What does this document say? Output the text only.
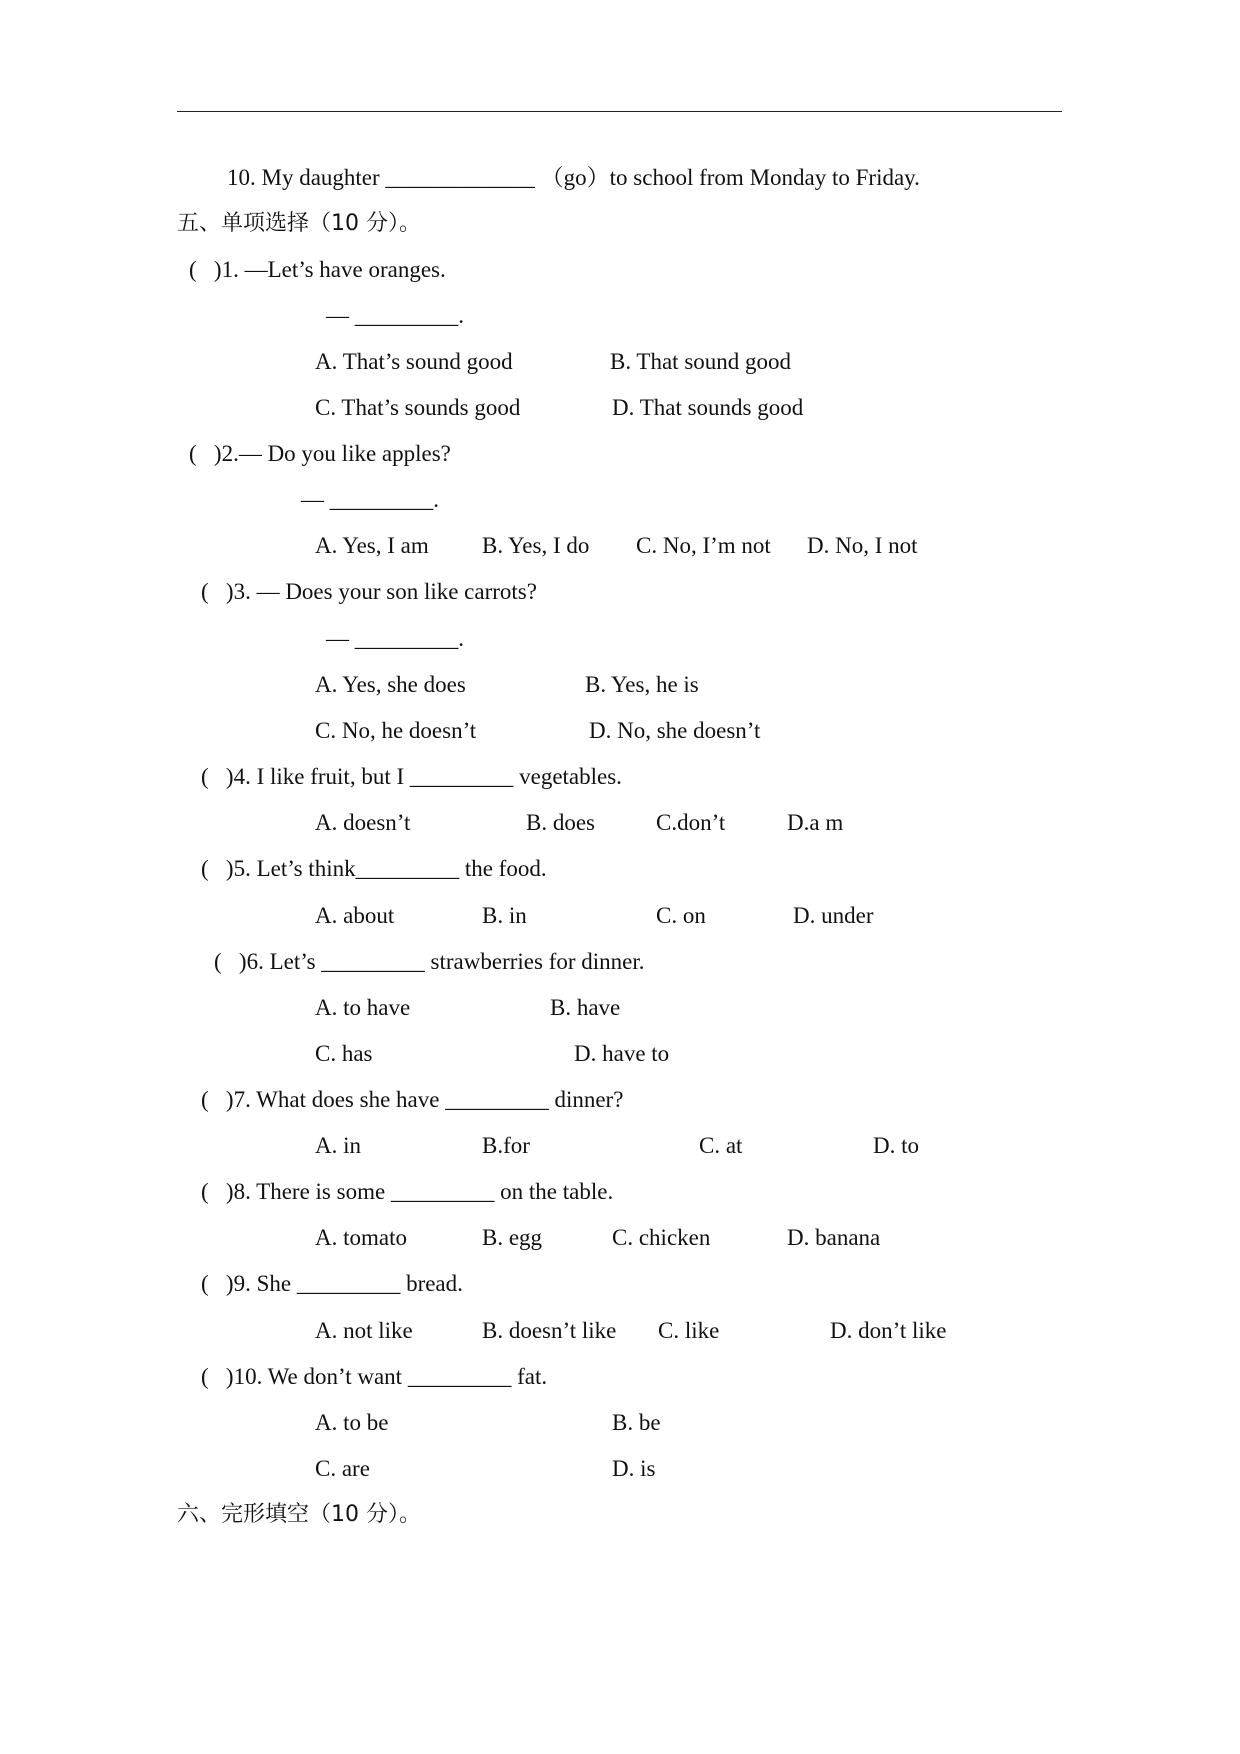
10. My daughter _____________ （go）to school from Monday to Friday.
五、单项选择（10 分）。
(   )1. —Let’s have oranges.
— _________.
A. That’s sound good	B. That sound good
C. That’s sounds good	D. That sounds good
(   )2.— Do you like apples?
— _________.
A. Yes, I am B. Yes, I do C. No, I’m not D. No, I not
(   )3. — Does your son like carrots?
— _________.
A. Yes, she does	B. Yes, he is
C. No, he doesn’t	D. No, she doesn’t
(   )4. I like fruit, but I _________ vegetables.
A. doesn’t	B. does	C.don’t	D.a m
(   )5. Let’s think_________ the food.
A. about	B. in	C. on	D. under
(   )6. Let’s _________ strawberries for dinner.
A. to have	B. have
C. has	D. have to
(   )7. What does she have _________ dinner?
A. in	B.for	C. at	D. to
(   )8. There is some _________ on the table.
A. tomato	B. egg	C. chicken	D. banana
(   )9. She _________ bread.
A. not like	B. doesn’t like C. like	D. don’t like
(   )10. We don’t want _________ fat.
A. to be	B. be
C. are	D. is
六、完形填空（10 分）。
